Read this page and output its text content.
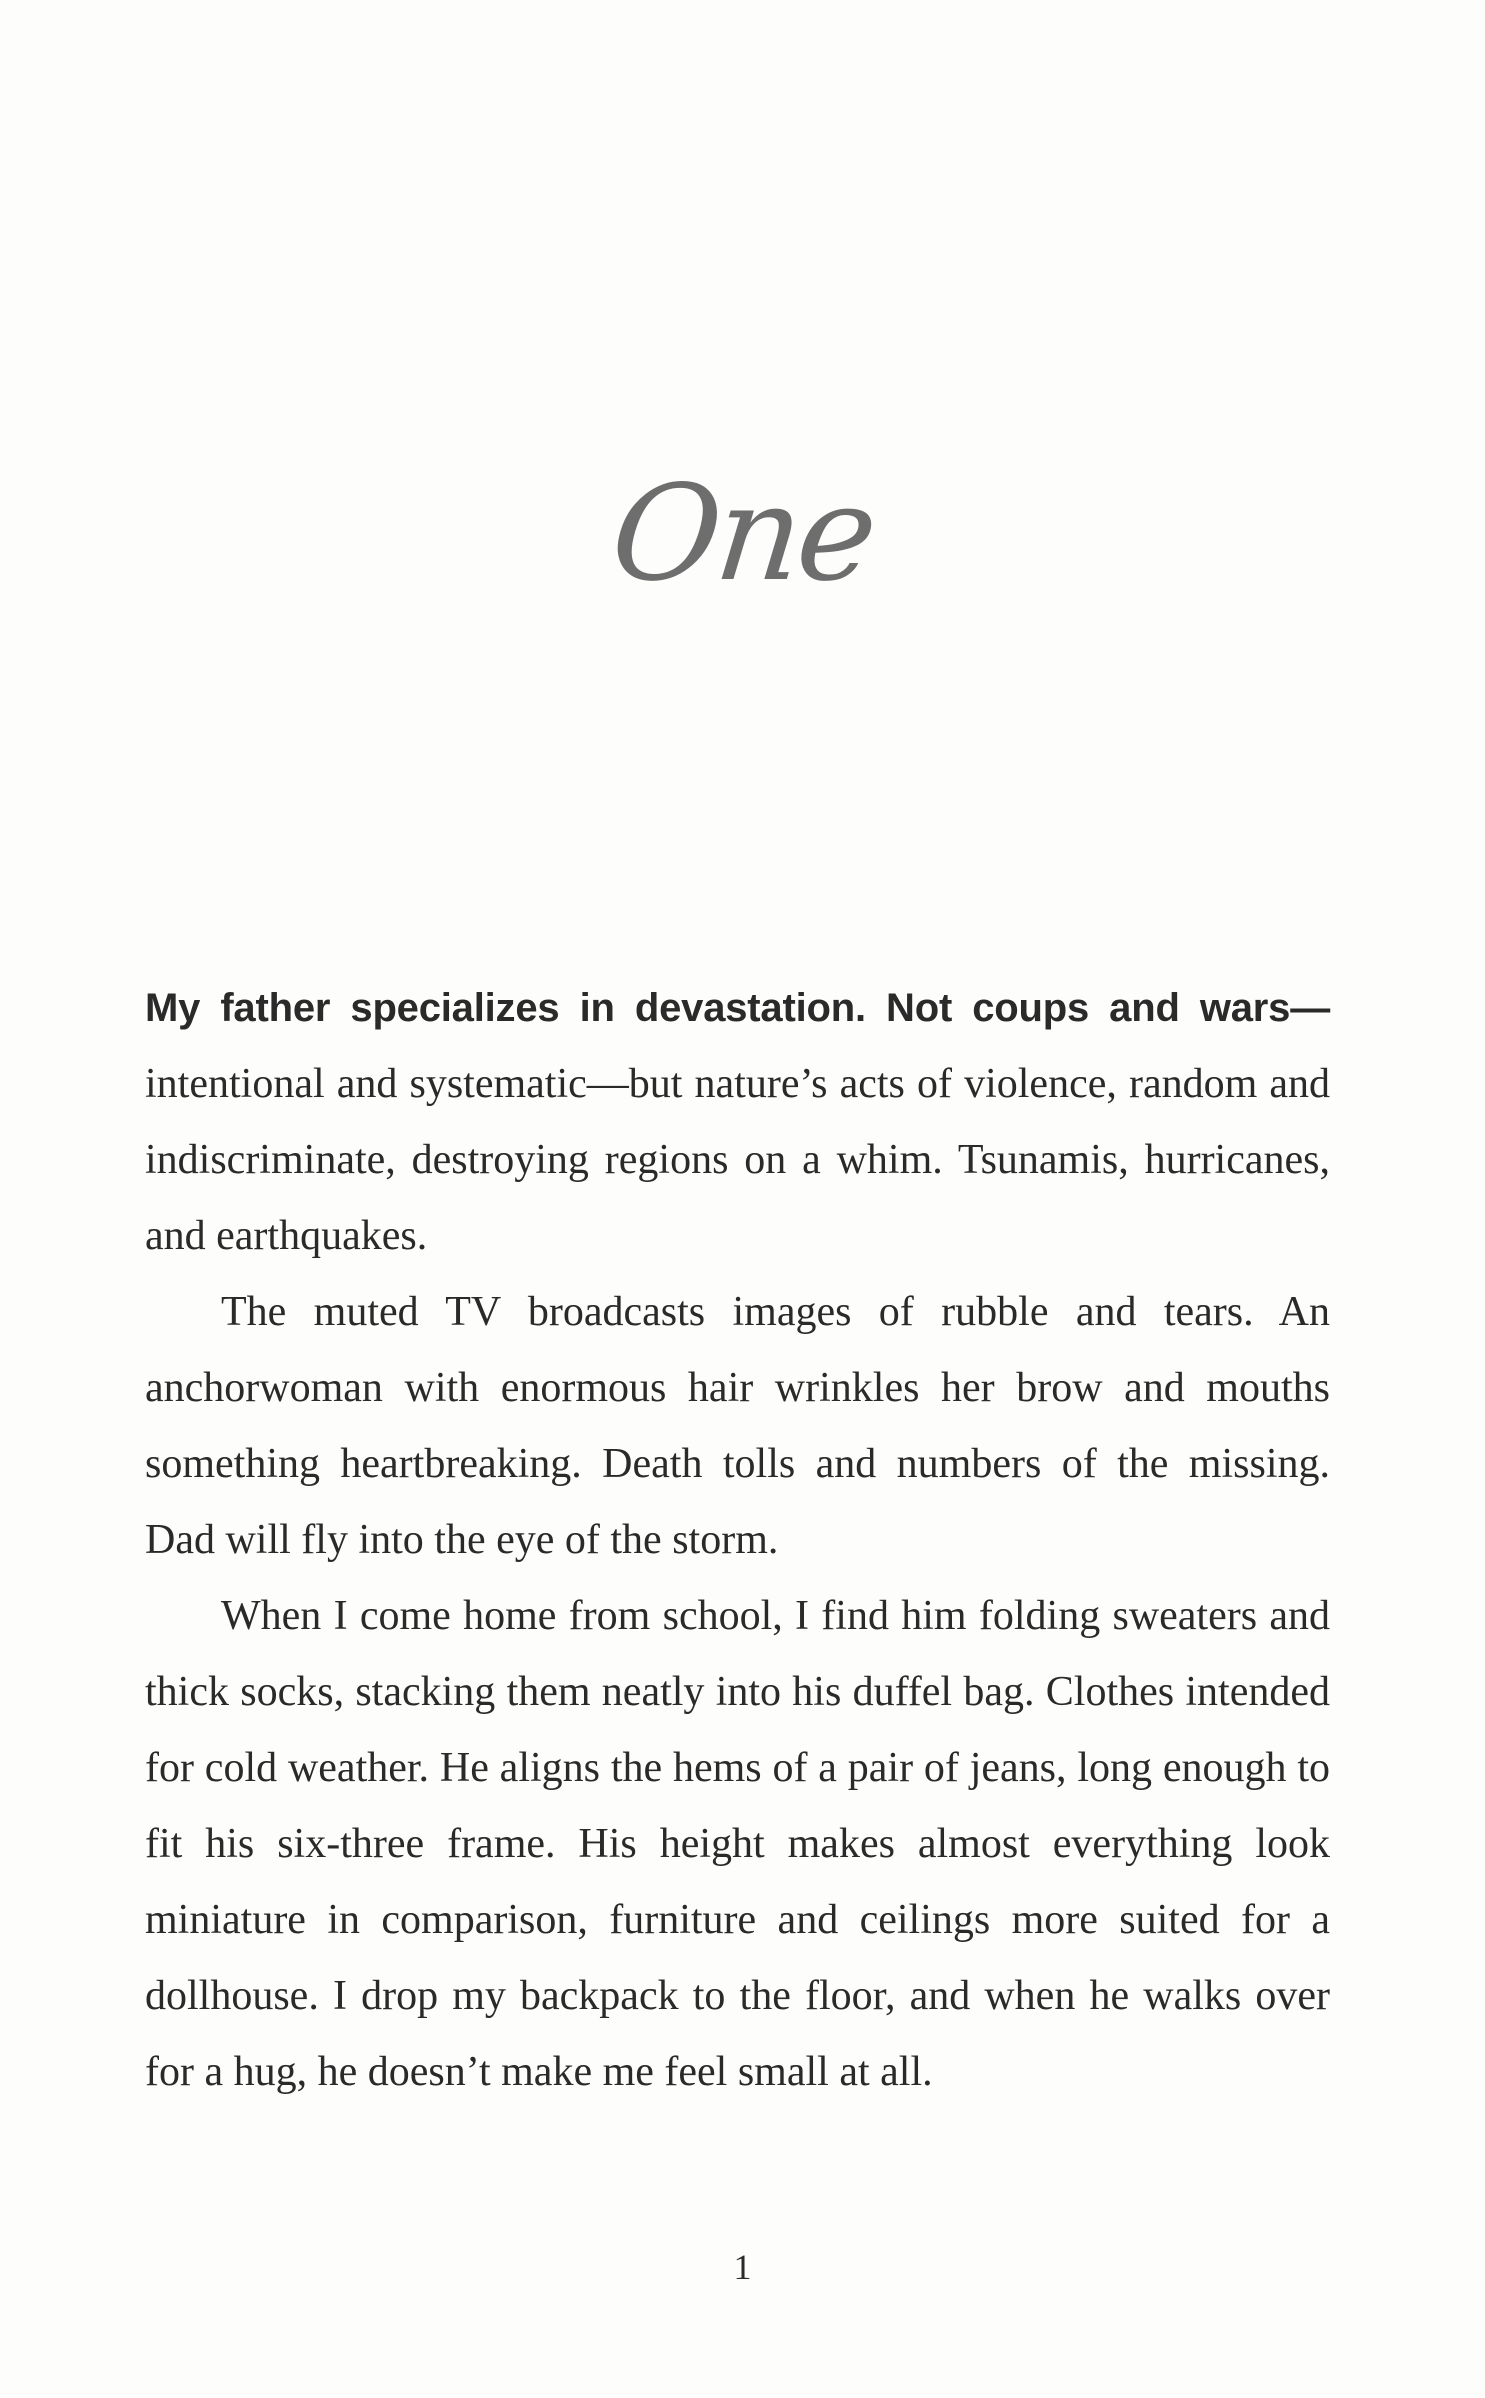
One

My father specializes in devastation. Not coups and wars—intentional and systematic—but nature’s acts of violence, random and indiscriminate, destroying regions on a whim. Tsunamis, hurricanes, and earthquakes.

The muted TV broadcasts images of rubble and tears. An anchorwoman with enormous hair wrinkles her brow and mouths something heartbreaking. Death tolls and numbers of the missing. Dad will fly into the eye of the storm.

When I come home from school, I find him folding sweaters and thick socks, stacking them neatly into his duffel bag. Clothes intended for cold weather. He aligns the hems of a pair of jeans, long enough to fit his six-three frame. His height makes almost everything look miniature in comparison, furniture and ceilings more suited for a dollhouse. I drop my backpack to the floor, and when he walks over for a hug, he doesn’t make me feel small at all.

1
